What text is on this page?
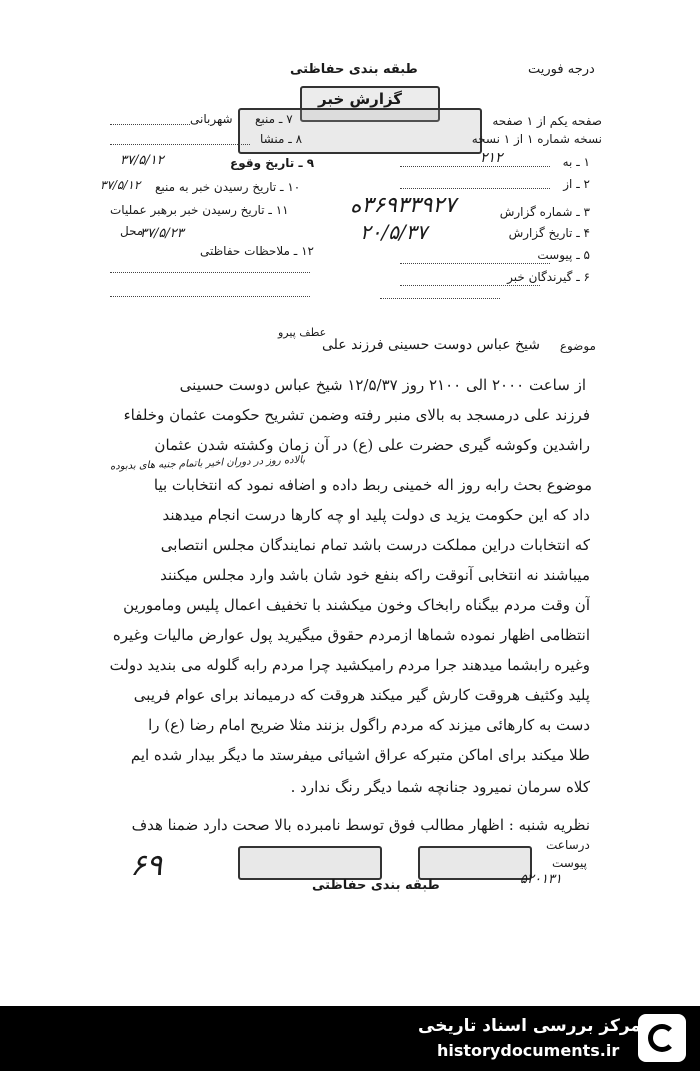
درجه فوریت
طبقه بندی حفاظتی
گزارش خبر
صفحه یکم از ۱ صفحه
نسخه شماره ۱ از ۱ نسخه
۱ ـ به
۲۱۲
۲ ـ از
۳ ـ شماره گزارش
۳۶۹۳۳۹۲۷ه
۴ ـ تاریخ گزارش
۲۰/۵/۳۷
۵ ـ پیوست
۶ ـ گیرندگان خبر
۷ ـ منبع
شهربانی
۸ ـ منشا
۹ ـ تاریخ وقوع
۳۷/۵/۱۲
۱۰ ـ تاریخ رسیدن خبر به منبع
۳۷/۵/۱۲
۱۱ ـ تاریخ رسیدن خبر برهبر عملیات
محل
۳۷/۵/۲۳
۱۲ ـ ملاحظات حفاظتی
عطف پیرو
موضوع
شیخ عباس دوست حسینی فرزند علی
از ساعت ۲۰۰۰ الی ۲۱۰۰ روز ۱۲/۵/۳۷ شیخ عباس دوست حسینی
فرزند علی درمسجد به بالای منبر رفته وضمن تشریح حکومت عثمان وخلفاء
راشدین وکوشه گیری حضرت علی (ع) در آن زمان وکشته شدن عثمان
بالاده روز در دوران اخیر باتمام جنبه های بدبوده
موضوع بحث رابه روز اله خمینی ربط داده و اضافه نمود که انتخابات بیا
داد که این حکومت یزید ی دولت پلید او چه کارها درست انجام میدهند
که انتخابات دراین مملکت درست باشد تمام نمایندگان مجلس انتصابی
میباشند نه انتخابی آنوقت راکه بنفع خود شان باشد وارد مجلس میکنند
آن وقت مردم بیگناه رابخاک وخون میکشند با تخفیف اعمال پلیس ومامورین
انتظامی اظهار نموده شماها ازمردم حقوق میگیرید پول عوارض مالیات وغیره
وغیره رابشما میدهند جرا مردم رامیکشید چرا مردم رابه گلوله می بندید دولت
پلید وکثیف هروقت کارش گیر میکند هروقت که درمیماند برای عوام فریبی
دست به کارهائی میزند که مردم راگول بزنند مثلا ضریح امام رضا (ع) را
طلا میکند برای اماکن متبرکه عراق اشیائی میفرستد ما دیگر بیدار شده ایم
کلاه سرمان نمیرود جنانچه شما دیگر رنگ ندارد .
نظریه شنبه : اظهار مطالب فوق توسط نامبرده بالا صحت دارد ضمنا هدف
درساعت
پیوست
۵۲۰۱۳۱
طبقه بندی حفاظتی
۶۹
مرکز بررسی اسناد تاریخی
historydocuments.ir
